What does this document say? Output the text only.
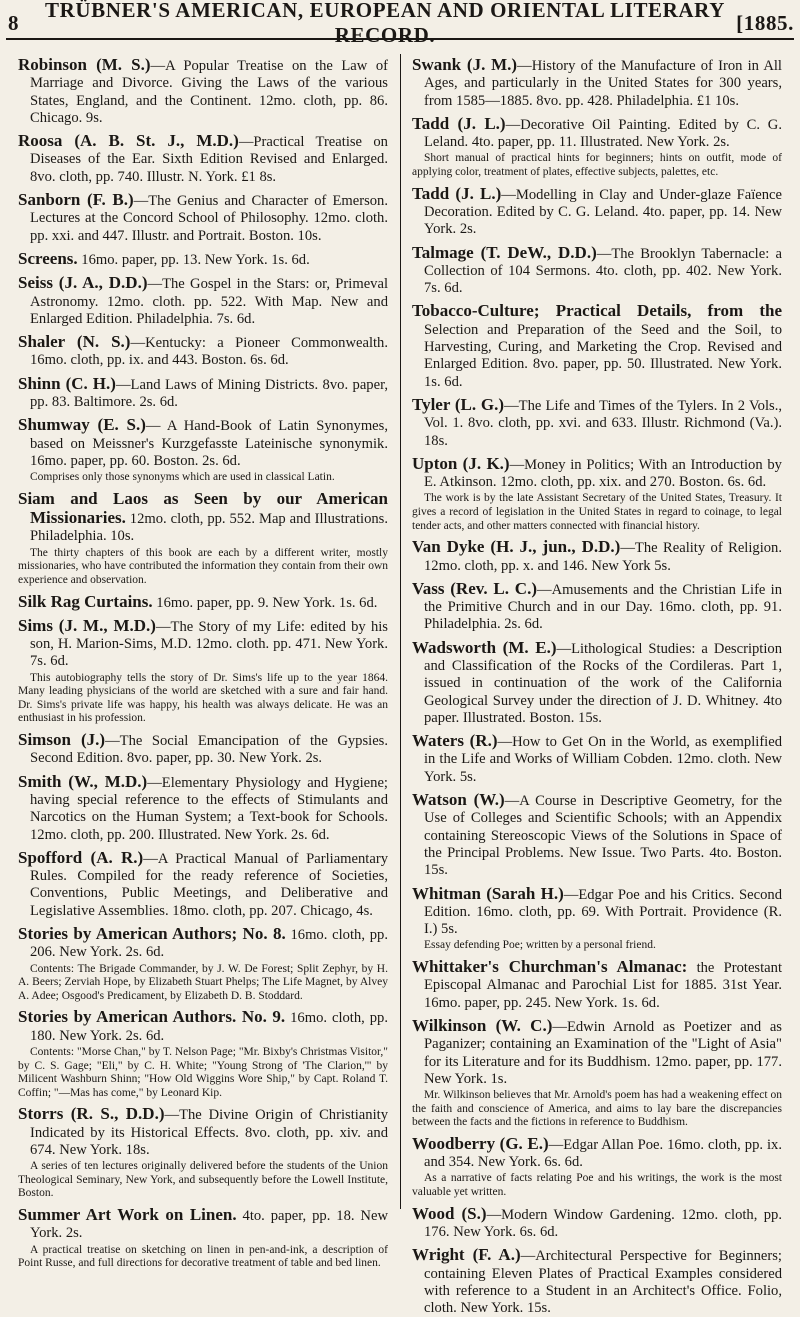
8
TRÜBNER'S AMERICAN, EUROPEAN AND ORIENTAL LITERARY RECORD.
[1885.

Robinson (M. S.)—A Popular Treatise on the Law of Marriage and Divorce. Giving the Laws of the various States, England, and the Continent. 12mo. cloth, pp. 86. Chicago. 9s.

Roosa (A. B. St. J., M.D.)—Practical Treatise on Diseases of the Ear. Sixth Edition Revised and Enlarged. 8vo. cloth, pp. 740. Illustr. N. York. £1 8s.

Sanborn (F. B.)—The Genius and Character of Emerson. Lectures at the Concord School of Philosophy. 12mo. cloth. pp. xxi. and 447. Illustr. and Portrait. Boston. 10s.

Screens. 16mo. paper, pp. 13. New York. 1s. 6d.

Seiss (J. A., D.D.)—The Gospel in the Stars: or, Primeval Astronomy. 12mo. cloth. pp. 522. With Map. New and Enlarged Edition. Philadelphia. 7s. 6d.

Shaler (N. S.)—Kentucky: a Pioneer Commonwealth. 16mo. cloth, pp. ix. and 443. Boston. 6s. 6d.

Shinn (C. H.)—Land Laws of Mining Districts. 8vo. paper, pp. 83. Baltimore. 2s. 6d.

Shumway (E. S.)— A Hand-Book of Latin Synonymes, based on Meissner's Kurzgefasste Lateinische synonymik. 16mo. paper, pp. 60. Boston. 2s. 6d.

Comprises only those synonyms which are used in classical Latin.

Siam and Laos as Seen by our American Missionaries. 12mo. cloth, pp. 552. Map and Illustrations. Philadelphia. 10s.

The thirty chapters of this book are each by a different writer, mostly missionaries, who have contributed the information they contain from their own experience and observation.

Silk Rag Curtains. 16mo. paper, pp. 9. New York. 1s. 6d.

Sims (J. M., M.D.)—The Story of my Life: edited by his son, H. Marion-Sims, M.D. 12mo. cloth. pp. 471. New York. 7s. 6d.

This autobiography tells the story of Dr. Sims's life up to the year 1864. Many leading physicians of the world are sketched with a sure and fair hand. Dr. Sims's private life was happy, his health was always delicate. He was an enthusiast in his profession.

Simson (J.)—The Social Emancipation of the Gypsies. Second Edition. 8vo. paper, pp. 30. New York. 2s.

Smith (W., M.D.)—Elementary Physiology and Hygiene; having special reference to the effects of Stimulants and Narcotics on the Human System; a Text-book for Schools. 12mo. cloth, pp. 200. Illustrated. New York. 2s. 6d.

Spofford (A. R.)—A Practical Manual of Parliamentary Rules. Compiled for the ready reference of Societies, Conventions, Public Meetings, and Deliberative and Legislative Assemblies. 18mo. cloth, pp. 207. Chicago, 4s.

Stories by American Authors; No. 8. 16mo. cloth, pp. 206. New York. 2s. 6d.

Contents: The Brigade Commander, by J. W. De Forest; Split Zephyr, by H. A. Beers; Zerviah Hope, by Elizabeth Stuart Phelps; The Life Magnet, by Alvey A. Adee; Osgood's Predicament, by Elizabeth D. B. Stoddard.

Stories by American Authors. No. 9. 16mo. cloth, pp. 180. New York. 2s. 6d.

Contents: "Morse Chan," by T. Nelson Page; "Mr. Bixby's Christmas Visitor," by C. S. Gage; "Eli," by C. H. White; "Young Strong of 'The Clarion,'" by Milicent Washburn Shinn; "How Old Wiggins Wore Ship," by Capt. Roland T. Coffin; "—Mas has come," by Leonard Kip.

Storrs (R. S., D.D.)—The Divine Origin of Christianity Indicated by its Historical Effects. 8vo. cloth, pp. xiv. and 674. New York. 18s.

A series of ten lectures originally delivered before the students of the Union Theological Seminary, New York, and subsequently before the Lowell Institute, Boston.

Summer Art Work on Linen. 4to. paper, pp. 18. New York. 2s.

A practical treatise on sketching on linen in pen-and-ink, a description of Point Russe, and full directions for decorative treatment of table and bed linen.

Swank (J. M.)—History of the Manufacture of Iron in All Ages, and particularly in the United States for 300 years, from 1585—1885. 8vo. pp. 428. Philadelphia. £1 10s.

Tadd (J. L.)—Decorative Oil Painting. Edited by C. G. Leland. 4to. paper, pp. 11. Illustrated. New York. 2s.

Short manual of practical hints for beginners; hints on outfit, mode of applying color, treatment of plates, effective subjects, palettes, etc.

Tadd (J. L.)—Modelling in Clay and Under-glaze Faïence Decoration. Edited by C. G. Leland. 4to. paper, pp. 14. New York. 2s.

Talmage (T. DeW., D.D.)—The Brooklyn Tabernacle: a Collection of 104 Sermons. 4to. cloth, pp. 402. New York. 7s. 6d.

Tobacco-Culture; Practical Details, from the Selection and Preparation of the Seed and the Soil, to Harvesting, Curing, and Marketing the Crop. Revised and Enlarged Edition. 8vo. paper, pp. 50. Illustrated. New York. 1s. 6d.

Tyler (L. G.)—The Life and Times of the Tylers. In 2 Vols., Vol. 1. 8vo. cloth, pp. xvi. and 633. Illustr. Richmond (Va.). 18s.

Upton (J. K.)—Money in Politics; With an Introduction by E. Atkinson. 12mo. cloth, pp. xix. and 270. Boston. 6s. 6d.

The work is by the late Assistant Secretary of the United States, Treasury. It gives a record of legislation in the United States in regard to coinage, to legal tender acts, and other matters connected with financial history.

Van Dyke (H. J., jun., D.D.)—The Reality of Religion. 12mo. cloth, pp. x. and 146. New York 5s.

Vass (Rev. L. C.)—Amusements and the Christian Life in the Primitive Church and in our Day. 16mo. cloth, pp. 91. Philadelphia. 2s. 6d.

Wadsworth (M. E.)—Lithological Studies: a Description and Classification of the Rocks of the Cordileras. Part 1, issued in continuation of the work of the California Geological Survey under the direction of J. D. Whitney. 4to paper. Illustrated. Boston. 15s.

Waters (R.)—How to Get On in the World, as exemplified in the Life and Works of William Cobden. 12mo. cloth. New York. 5s.

Watson (W.)—A Course in Descriptive Geometry, for the Use of Colleges and Scientific Schools; with an Appendix containing Stereoscopic Views of the Solutions in Space of the Principal Problems. New Issue. Two Parts. 4to. Boston. 15s.

Whitman (Sarah H.)—Edgar Poe and his Critics. Second Edition. 16mo. cloth, pp. 69. With Portrait. Providence (R. I.) 5s.

Essay defending Poe; written by a personal friend.

Whittaker's Churchman's Almanac: the Protestant Episcopal Almanac and Parochial List for 1885. 31st Year. 16mo. paper, pp. 245. New York. 1s. 6d.

Wilkinson (W. C.)—Edwin Arnold as Poetizer and as Paganizer; containing an Examination of the "Light of Asia" for its Literature and for its Buddhism. 12mo. paper, pp. 177. New York. 1s.

Mr. Wilkinson believes that Mr. Arnold's poem has had a weakening effect on the faith and conscience of America, and aims to lay bare the discrepancies between the facts and the fictions in reference to Buddhism.

Woodberry (G. E.)—Edgar Allan Poe. 16mo. cloth, pp. ix. and 354. New York. 6s. 6d.

As a narrative of facts relating Poe and his writings, the work is the most valuable yet written.

Wood (S.)—Modern Window Gardening. 12mo. cloth, pp. 176. New York. 6s. 6d.

Wright (F. A.)—Architectural Perspective for Beginners; containing Eleven Plates of Practical Examples considered with reference to a Student in an Architect's Office. Folio, cloth. New York. 15s.
